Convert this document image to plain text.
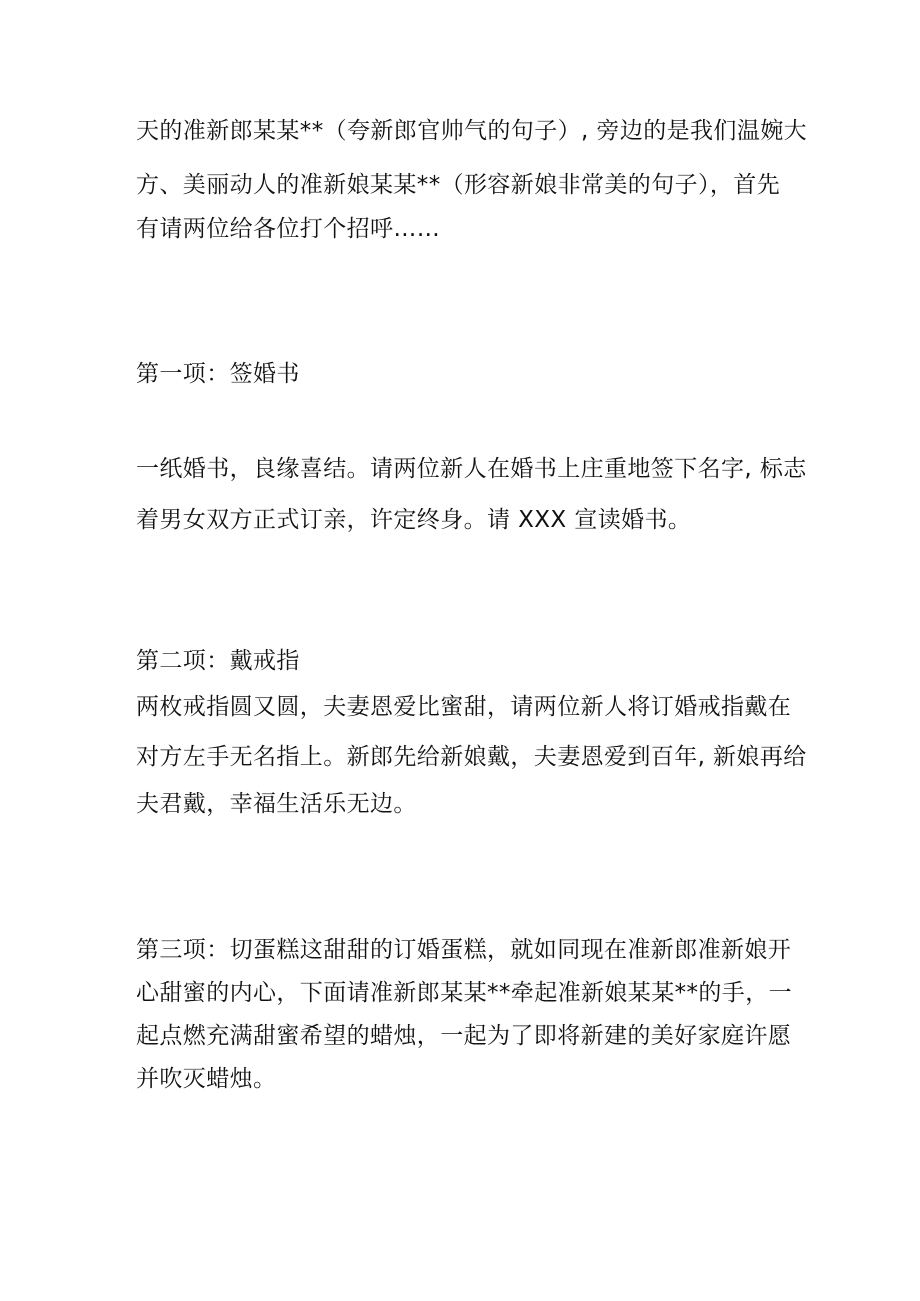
天的准新郎某某**（夸新郎官帅气的句子）, 旁边的是我们温婉大
方、美丽动人的准新娘某某**（形容新娘非常美的句子），首先
有请两位给各位打个招呼……
第一项：签婚书
一纸婚书，良缘喜结。请两位新人在婚书上庄重地签下名字, 标志
着男女双方正式订亲，许定终身。请 XXX 宣读婚书。
第二项：戴戒指
两枚戒指圆又圆，夫妻恩爱比蜜甜，请两位新人将订婚戒指戴在
对方左手无名指上。新郎先给新娘戴，夫妻恩爱到百年, 新娘再给
夫君戴，幸福生活乐无边。
第三项：切蛋糕这甜甜的订婚蛋糕，就如同现在准新郎准新娘开
心甜蜜的内心，下面请准新郎某某**牵起准新娘某某**的手，一
起点燃充满甜蜜希望的蜡烛，一起为了即将新建的美好家庭许愿
并吹灭蜡烛。
